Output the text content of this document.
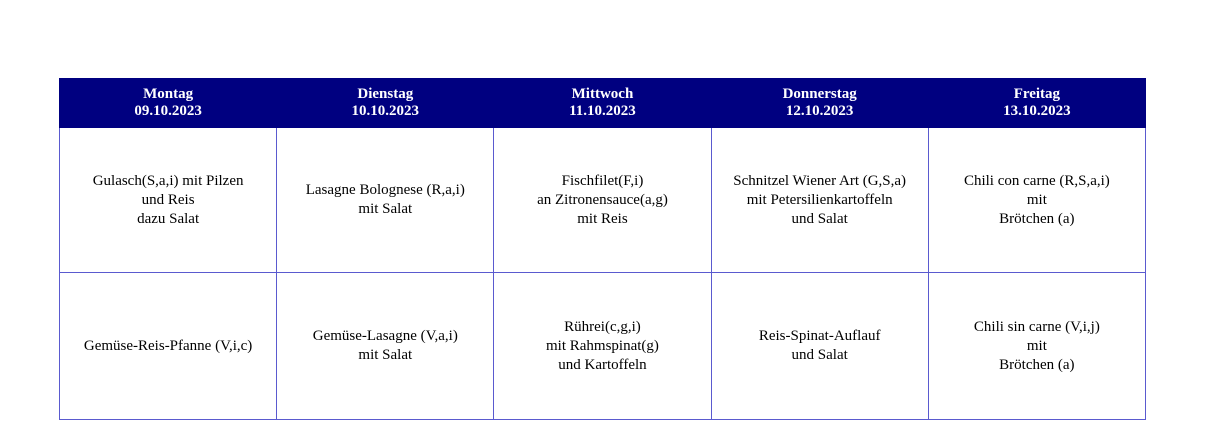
Montag
09.10.2023	Dienstag
10.10.2023	Mittwoch
11.10.2023	Donnerstag
12.10.2023	Freitag
13.10.2023

Gulasch(S,a,i) mit Pilzen
und Reis
dazu Salat	Lasagne Bolognese (R,a,i)
mit Salat	Fischfilet(F,i)
an Zitronensauce(a,g)
mit Reis	Schnitzel Wiener Art (G,S,a)
mit Petersilienkartoffeln
und Salat	Chili con carne (R,S,a,i)
mit
Brötchen (a)

Gemüse-Reis-Pfanne (V,i,c)	Gemüse-Lasagne (V,a,i)
mit Salat	Rührei(c,g,i)
mit Rahmspinat(g)
und Kartoffeln	Reis-Spinat-Auflauf
und Salat	Chili sin carne (V,i,j)
mit
Brötchen (a)
